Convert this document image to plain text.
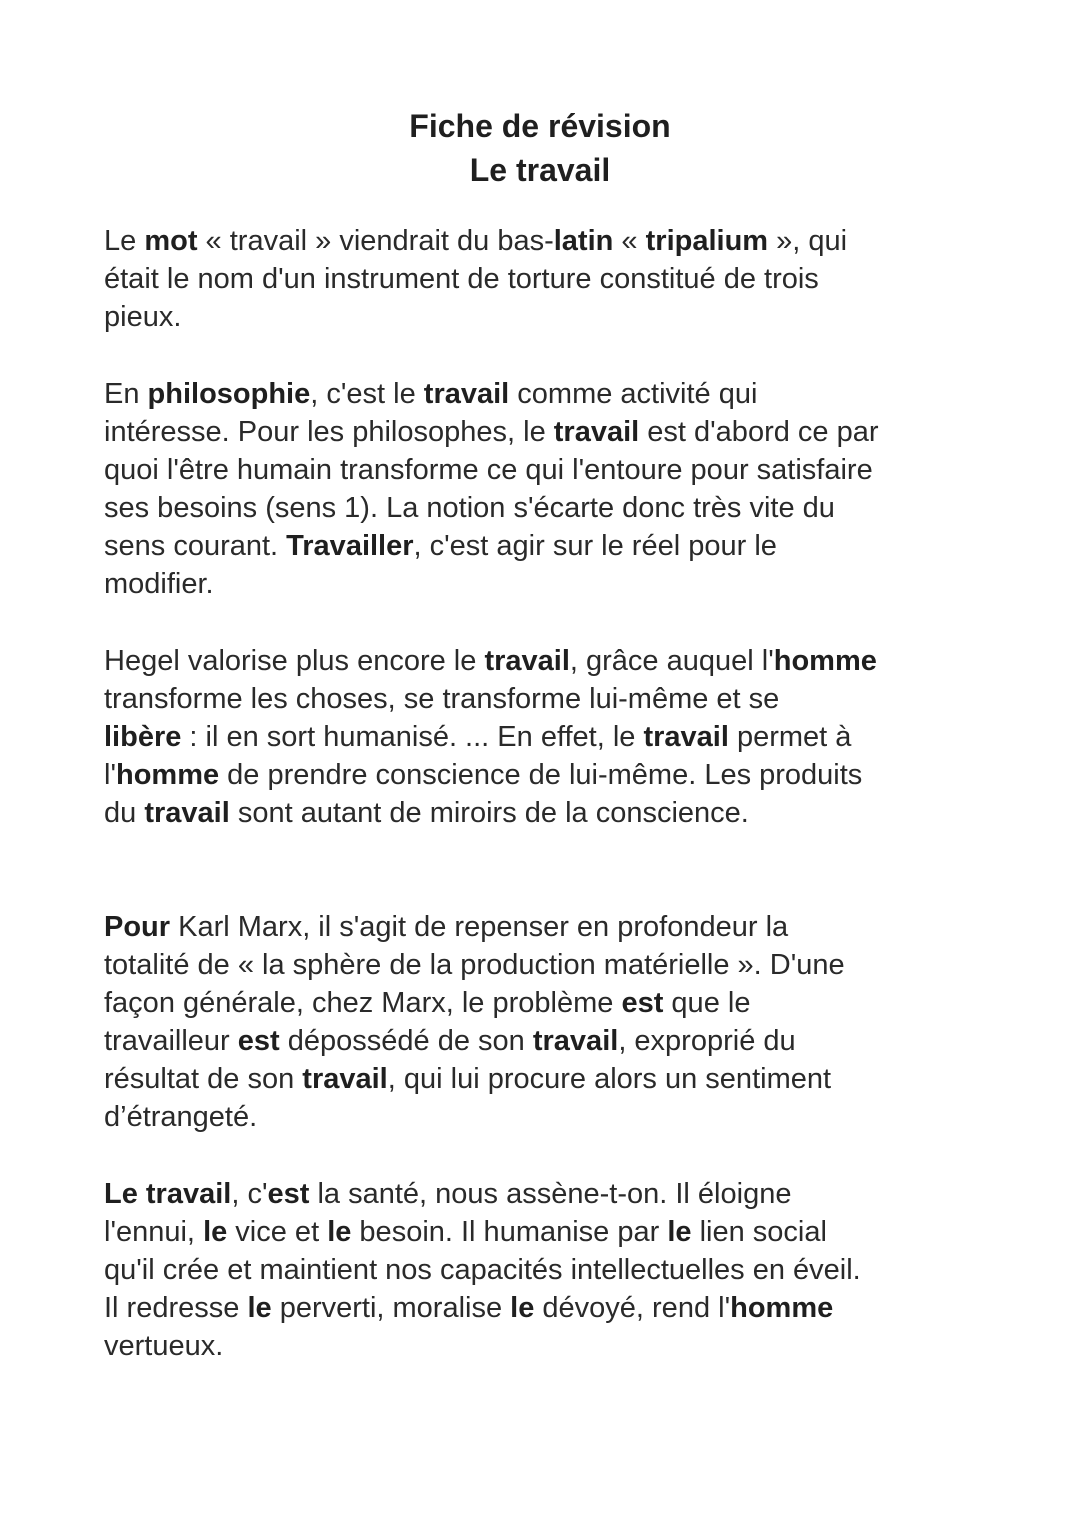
Fiche de révision
Le travail
Le mot « travail » viendrait du bas-latin « tripalium », qui
était le nom d'un instrument de torture constitué de trois
pieux.
En philosophie, c'est le travail comme activité qui
intéresse. Pour les philosophes, le travail est d'abord ce par
quoi l'être humain transforme ce qui l'entoure pour satisfaire
ses besoins (sens 1). La notion s'écarte donc très vite du
sens courant. Travailler, c'est agir sur le réel pour le
modifier.
Hegel valorise plus encore le travail, grâce auquel l'homme
transforme les choses, se transforme lui-même et se
libère : il en sort humanisé. ... En effet, le travail permet à
l'homme de prendre conscience de lui-même. Les produits
du travail sont autant de miroirs de la conscience.
Pour Karl Marx, il s'agit de repenser en profondeur la
totalité de « la sphère de la production matérielle ». D'une
façon générale, chez Marx, le problème est que le
travailleur est dépossédé de son travail, exproprié du
résultat de son travail, qui lui procure alors un sentiment
d’étrangeté.
Le travail, c'est la santé, nous assène-t-on. Il éloigne
l'ennui, le vice et le besoin. Il humanise par le lien social
qu'il crée et maintient nos capacités intellectuelles en éveil.
Il redresse le perverti, moralise le dévoyé, rend l'homme
vertueux.
